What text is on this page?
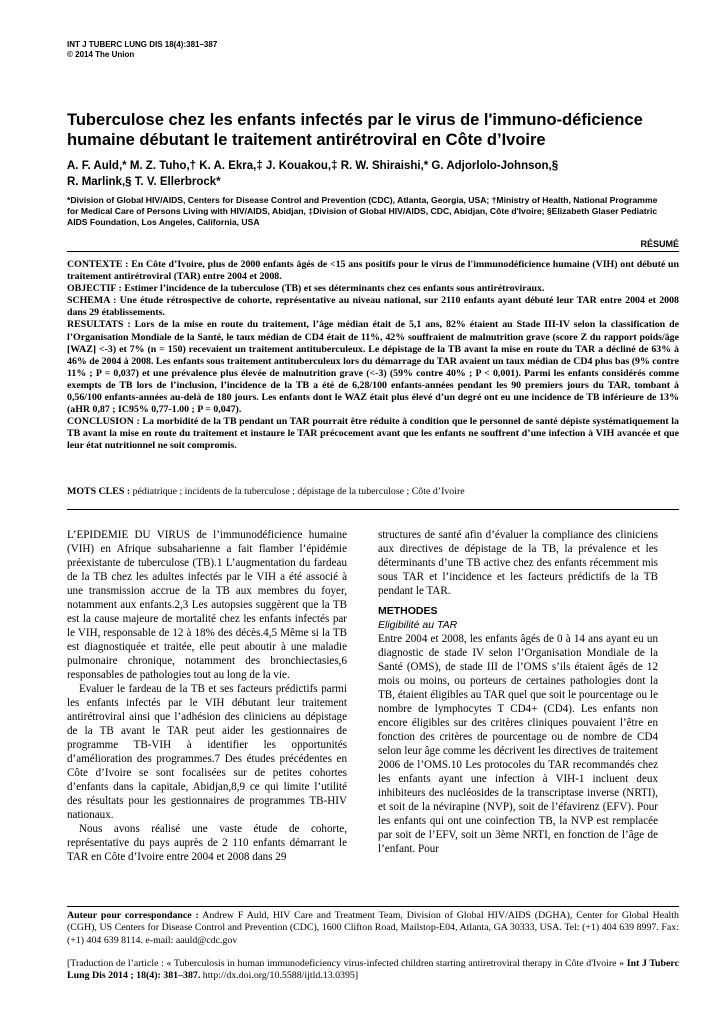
INT J TUBERC LUNG DIS 18(4):381–387
© 2014 The Union
Tuberculose chez les enfants infectés par le virus de l'immuno-déficience humaine débutant le traitement antirétroviral en Côte d’Ivoire
A. F. Auld,* M. Z. Tuho,† K. A. Ekra,‡ J. Kouakou,‡ R. W. Shiraishi,* G. Adjorlolo-Johnson,§
R. Marlink,§ T. V. Ellerbrock*
*Division of Global HIV/AIDS, Centers for Disease Control and Prevention (CDC), Atlanta, Georgia, USA; †Ministry of Health, National Programme for Medical Care of Persons Living with HIV/AIDS, Abidjan, ‡Division of Global HIV/AIDS, CDC, Abidjan, Côte d'Ivoire; §Elizabeth Glaser Pediatric AIDS Foundation, Los Angeles, California, USA
RÉSUMÉ

CONTEXTE : En Côte d’Ivoire, plus de 2000 enfants âgés de <15 ans positifs pour le virus de l'immunodéficience humaine (VIH) ont débuté un traitement antirétroviral (TAR) entre 2004 et 2008.

OBJECTIF : Estimer l’incidence de la tuberculose (TB) et ses déterminants chez ces enfants sous antirétroviraux.

SCHEMA : Une étude rétrospective de cohorte, représentative au niveau national, sur 2110 enfants ayant débuté leur TAR entre 2004 et 2008 dans 29 établissements.

RESULTATS : Lors de la mise en route du traitement, l’âge médian était de 5,1 ans, 82% étaient au Stade III-IV selon la classification de l’Organisation Mondiale de la Santé, le taux médian de CD4 était de 11%, 42% souffraient de malnutrition grave (score Z du rapport poids/âge [WAZ] <-3) et 7% (n = 150) recevaient un traitement antituberculeux. Le dépistage de la TB avant la mise en route du TAR a décliné de 63% à 46% de 2004 à 2008. Les enfants sous traitement antituberculeux lors du démarrage du TAR avaient un taux médian de CD4 plus bas (9% contre 11% ; P = 0,037) et une prévalence plus élevée de malnutrition grave (<-3) (59% contre 40% ; P < 0,001). Parmi les enfants considérés comme exempts de TB lors de l’inclusion, l’incidence de la TB a été de 6,28/100 enfants-années pendant les 90 premiers jours du TAR, tombant à 0,56/100 enfants-années au-delà de 180 jours. Les enfants dont le WAZ était plus élevé d’un degré ont eu une incidence de TB inférieure de 13% (aHR 0,87 ; IC95% 0,77-1.00 ; P = 0,047).

CONCLUSION : La morbidité de la TB pendant un TAR pourrait être réduite à condition que le personnel de santé dépiste systématiquement la TB avant la mise en route du traitement et instaure le TAR précocement avant que les enfants ne souffrent d’une infection à VIH avancée et que leur état nutritionnel ne soit compromis.

MOTS CLES : pédiatrique ; incidents de la tuberculose ; dépistage de la tuberculose ; Côte d’Ivoire

L’EPIDEMIE DU VIRUS de l’immunodéficience humaine (VIH) en Afrique subsaharienne a fait flamber l’épidémie préexistante de tuberculose (TB).1 L’augmentation du fardeau de la TB chez les adultes infectés par le VIH a été associé à une transmission accrue de la TB aux membres du foyer, notamment aux enfants.2,3 Les autopsies suggèrent que la TB est la cause majeure de mortalité chez les enfants infectés par le VIH, responsable de 12 à 18% des décès.4,5 Même si la TB est diagnostiquée et traitée, elle peut aboutir à une maladie pulmonaire chronique, notamment des bronchiectasies,6 responsables de pathologies tout au long de la vie.

Evaluer le fardeau de la TB et ses facteurs prédictifs parmi les enfants infectés par le VIH débutant leur traitement antirétroviral ainsi que l’adhésion des cliniciens au dépistage de la TB avant le TAR peut aider les gestionnaires de programme TB-VIH à identifier les opportunités d’amélioration des programmes.7 Des études précédentes en Côte d’Ivoire se sont focalisées sur de petites cohortes d’enfants dans la capitale, Abidjan,8,9 ce qui limite l’utilité des résultats pour les gestionnaires de programmes TB-HIV nationaux.

Nous avons réalisé une vaste étude de cohorte, représentative du pays auprès de 2 110 enfants démarrant le TAR en Côte d’Ivoire entre 2004 et 2008 dans 29

structures de santé afin d’évaluer la compliance des cliniciens aux directives de dépistage de la TB, la prévalence et les déterminants d’une TB active chez des enfants récemment mis sous TAR et l’incidence et les facteurs prédictifs de la TB pendant le TAR.

METHODES
Eligibilité au TAR

Entre 2004 et 2008, les enfants âgés de 0 à 14 ans ayant eu un diagnostic de stade IV selon l’Organisation Mondiale de la Santé (OMS), de stade III de l’OMS s’ils étaient âgés de 12 mois ou moins, ou porteurs de certaines pathologies dont la TB, étaient éligibles au TAR quel que soit le pourcentage ou le nombre de lymphocytes T CD4+ (CD4). Les enfants non encore éligibles sur des critères cliniques pouvaient l’être en fonction des critères de pourcentage ou de nombre de CD4 selon leur âge comme les décrivent les directives de traitement 2006 de l’OMS.10 Les protocoles du TAR recommandés chez les enfants ayant une infection à VIH-1 incluent deux inhibiteurs des nucléosides de la transcriptase inverse (NRTI), et soit de la névirapine (NVP), soit de l’éfavirenz (EFV). Pour les enfants qui ont une coinfection TB, la NVP est remplacée par soit de l’EFV, soit un 3ème NRTI, en fonction de l’âge de l’enfant. Pour

Auteur pour correspondance : Andrew F Auld, HIV Care and Treatment Team, Division of Global HIV/AIDS (DGHA), Center for Global Health (CGH), US Centers for Disease Control and Prevention (CDC), 1600 Clifton Road, Mailstop-E04, Atlanta, GA 30333, USA. Tel: (+1) 404 639 8997. Fax: (+1) 404 639 8114. e-mail: aauld@cdc.gov
[Traduction de l’article : « Tuberculosis in human immunodeficiency virus-infected children starting antiretroviral therapy in Côte d'Ivoire » Int J Tuberc Lung Dis 2014 ; 18(4): 381–387. http://dx.doi.org/10.5588/ijtld.13.0395]
